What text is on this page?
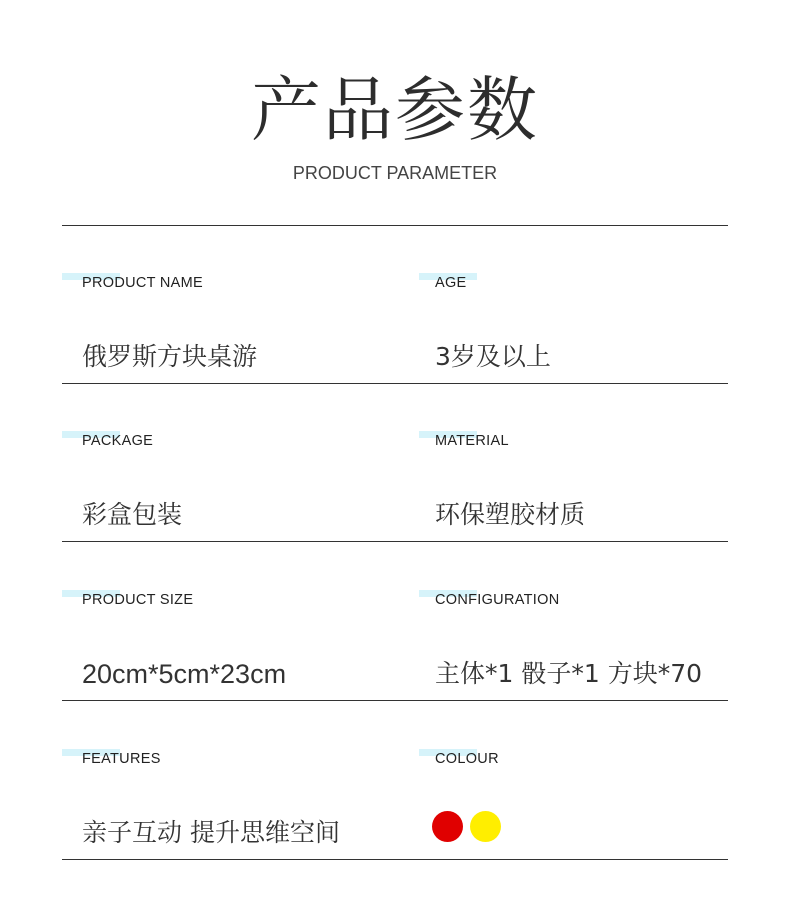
产品参数
PRODUCT PARAMETER
PRODUCT NAME
俄罗斯方块桌游
AGE
3岁及以上
PACKAGE
彩盒包装
MATERIAL
环保塑胶材质
PRODUCT SIZE
20cm*5cm*23cm
CONFIGURATION
主体*1 骰子*1 方块*70
FEATURES
亲子互动 提升思维空间
COLOUR
